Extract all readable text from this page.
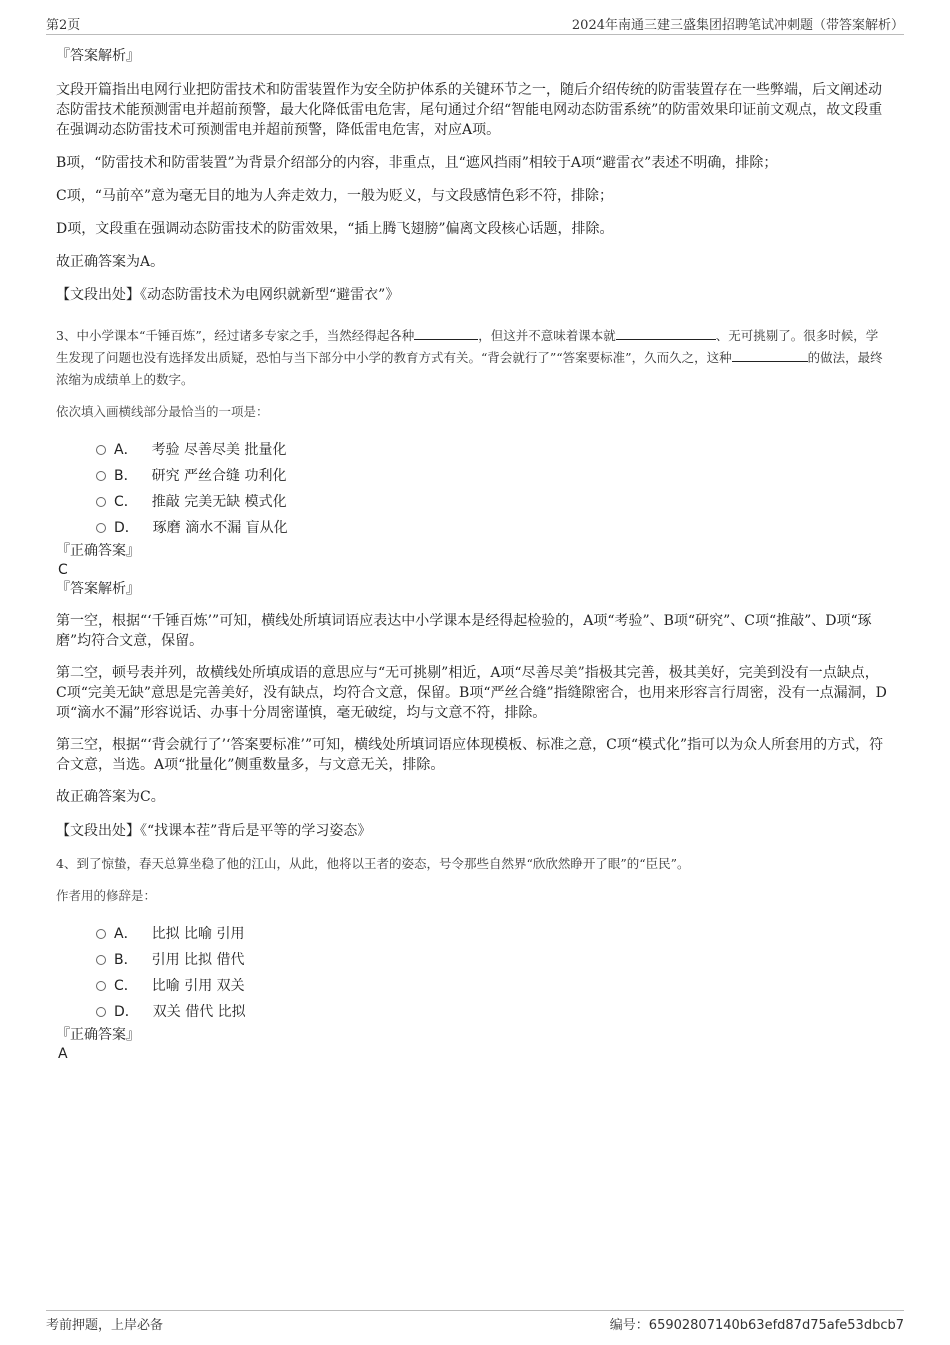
第2页	2024年南通三建三盛集团招聘笔试冲刺题（带答案解析）

『答案解析』

文段开篇指出电网行业把防雷技术和防雷装置作为安全防护体系的关键环节之一，随后介绍传统的防雷装置存在一些弊端，后文阐述动态防雷技术能预测雷电并超前预警，最大化降低雷电危害，尾句通过介绍“智能电网动态防雷系统”的防雷效果印证前文观点，故文段重在强调动态防雷技术可预测雷电并超前预警，降低雷电危害，对应A项。

B项，“防雷技术和防雷装置”为背景介绍部分的内容，非重点，且“遮风挡雨”相较于A项“避雷衣”表述不明确，排除；

C项，“马前卒”意为毫无目的地为人奔走效力，一般为贬义，与文段感情色彩不符，排除；

D项，文段重在强调动态防雷技术的防雷效果，“插上腾飞翅膀”偏离文段核心话题，排除。

故正确答案为A。

【文段出处】《动态防雷技术为电网织就新型“避雷衣”》

3、中小学课本“千锤百炼”，经过诸多专家之手，当然经得起各种	，但这并不意味着课本就	、无可挑剔了。很多时候，学生发现了问题也没有选择发出质疑，恐怕与当下部分中小学的教育方式有关。“背会就行了”“答案要标准”，久而久之，这种	的做法，最终浓缩为成绩单上的数字。

依次填入画横线部分最恰当的一项是：

A． 考验 尽善尽美 批量化
B． 研究 严丝合缝 功利化
C． 推敲 完美无缺 模式化
D． 琢磨 滴水不漏 盲从化

『正确答案』

C

『答案解析』

第一空，根据“‘千锤百炼’”可知，横线处所填词语应表达中小学课本是经得起检验的，A项“考验”、B项“研究”、C项“推敲”、D项“琢磨”均符合文意，保留。

第二空，顿号表并列，故横线处所填成语的意思应与“无可挑剔”相近，A项“尽善尽美”指极其完善，极其美好，完美到没有一点缺点，C项“完美无缺”意思是完善美好，没有缺点，均符合文意，保留。B项“严丝合缝”指缝隙密合，也用来形容言行周密，没有一点漏洞，D项“滴水不漏”形容说话、办事十分周密谨慎，毫无破绽，均与文意不符，排除。

第三空，根据“‘背会就行了’‘答案要标准’”可知，横线处所填词语应体现模板、标准之意，C项“模式化”指可以为众人所套用的方式，符合文意，当选。A项“批量化”侧重数量多，与文意无关，排除。

故正确答案为C。

【文段出处】《“找课本茬”背后是平等的学习姿态》

4、到了惊蛰，春天总算坐稳了他的江山，从此，他将以王者的姿态，号令那些自然界“欣欣然睁开了眼”的“臣民”。

作者用的修辞是：

A． 比拟 比喻 引用
B． 引用 比拟 借代
C． 比喻 引用 双关
D． 双关 借代 比拟

『正确答案』

A

考前押题，上岸必备	编号：65902807140b63efd87d75afe53dbcb7
